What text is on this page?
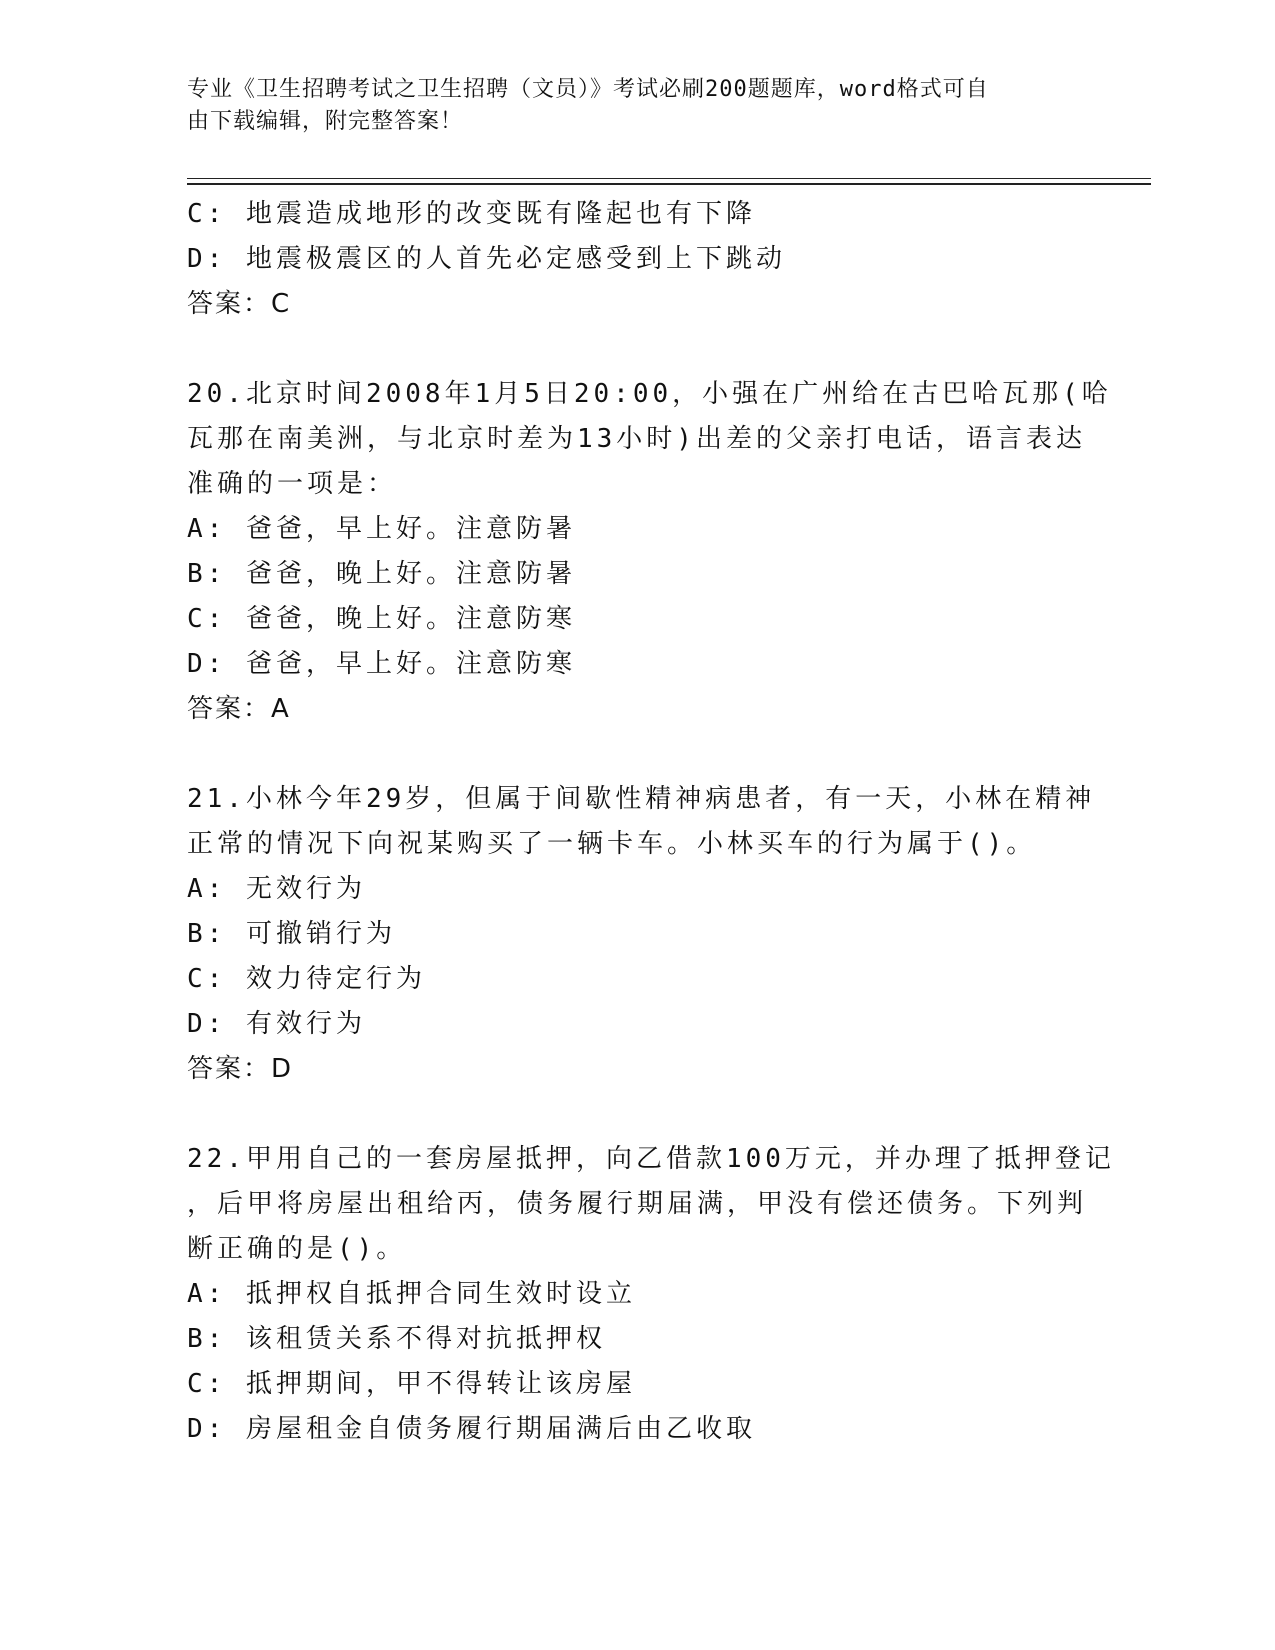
专业《卫生招聘考试之卫生招聘（文员）》考试必刷200题题库，word格式可自
由下载编辑，附完整答案！
C: 地震造成地形的改变既有隆起也有下降
D: 地震极震区的人首先必定感受到上下跳动
答案：C
20.北京时间2008年1月5日20:00，小强在广州给在古巴哈瓦那(哈
瓦那在南美洲，与北京时差为13小时)出差的父亲打电话，语言表达
准确的一项是：
A: 爸爸，早上好。注意防暑
B: 爸爸，晚上好。注意防暑
C: 爸爸，晚上好。注意防寒
D: 爸爸，早上好。注意防寒
答案：A
21.小林今年29岁，但属于间歇性精神病患者，有一天，小林在精神
正常的情况下向祝某购买了一辆卡车。小林买车的行为属于()。
A: 无效行为
B: 可撤销行为
C: 效力待定行为
D: 有效行为
答案：D
22.甲用自己的一套房屋抵押，向乙借款100万元，并办理了抵押登记
，后甲将房屋出租给丙，债务履行期届满，甲没有偿还债务。下列判
断正确的是()。
A: 抵押权自抵押合同生效时设立
B: 该租赁关系不得对抗抵押权
C: 抵押期间，甲不得转让该房屋
D: 房屋租金自债务履行期届满后由乙收取
